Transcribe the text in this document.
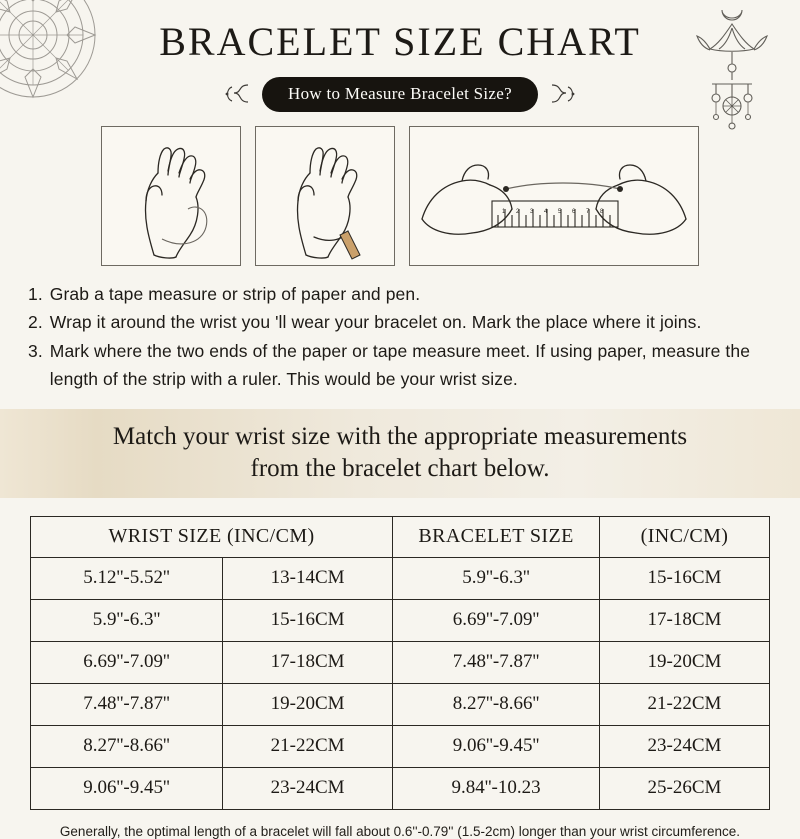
BRACELET SIZE CHART
How to Measure Bracelet Size?
1 2 3 4 5 6 7 8
1. Grab a tape measure or strip of paper and pen.
2. Wrap it around the wrist you 'll wear your bracelet on. Mark the place where it joins.
3. Mark where the two ends of the paper or tape measure meet. If using paper, measure the length of the strip with a ruler. This would be your wrist size.
Match your wrist size with the appropriate measurements
from the bracelet chart below.
WRIST SIZE (INC/CM)		BRACELET SIZE	(INC/CM)
5.12''-5.52''	13-14CM	5.9''-6.3''	15-16CM
5.9''-6.3''	15-16CM	6.69''-7.09''	17-18CM
6.69''-7.09''	17-18CM	7.48''-7.87''	19-20CM
7.48''-7.87''	19-20CM	8.27''-8.66''	21-22CM
8.27''-8.66''	21-22CM	9.06''-9.45''	23-24CM
9.06''-9.45''	23-24CM	9.84''-10.23	25-26CM
Generally, the optimal length of a bracelet will fall about 0.6''-0.79'' (1.5-2cm) longer than your wrist circumference.
